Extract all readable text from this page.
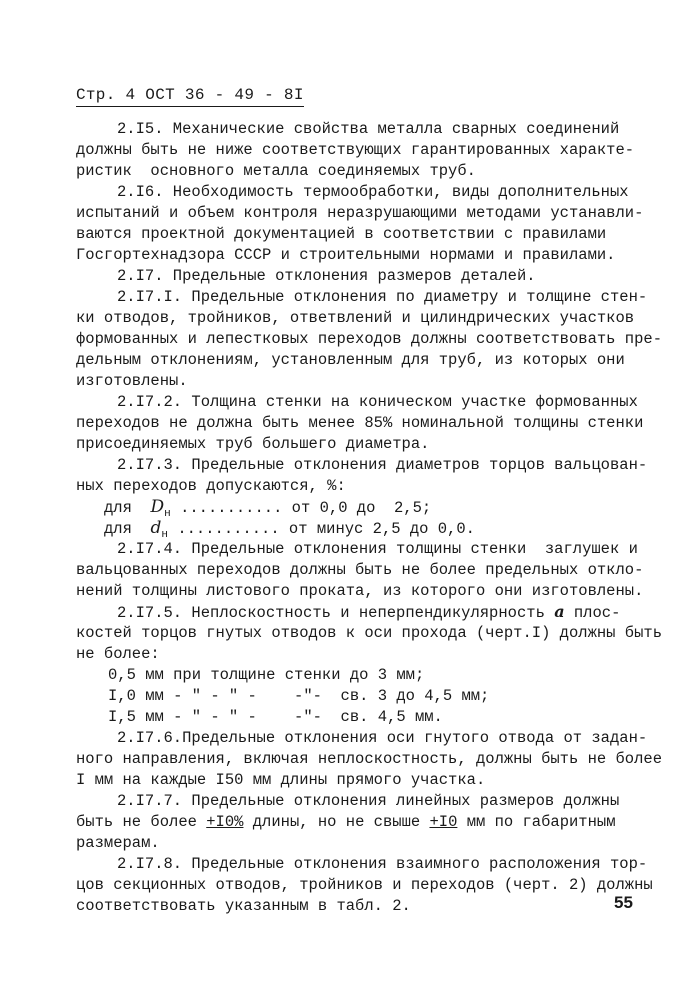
Стр. 4 ОСТ 36 - 49 - 8I
2.I5. Механические свойства металла сварных соединений
должны быть не ниже соответствующих гарантированных характе-
ристик  основного металла соединяемых труб.
2.I6. Необходимость термообработки, виды дополнительных
испытаний и объем контроля неразрушающими методами устанавли-
ваются проектной документацией в соответствии с правилами
Госгортехнадзора СССР и строительными нормами и правилами.
2.I7. Предельные отклонения размеров деталей.
2.I7.I. Предельные отклонения по диаметру и толщине стен-
ки отводов, тройников, ответвлений и цилиндрических участков
формованных и лепестковых переходов должны соответствовать пре-
дельным отклонениям, установленным для труб, из которых они
изготовлены.
2.I7.2. Толщина стенки на коническом участке формованных
переходов не должна быть менее 85% номинальной толщины стенки
присоединяемых труб большего диаметра.
2.I7.3. Предельные отклонения диаметров торцов вальцован-
ных переходов допускаются, %:
для $D_н$ ........... от 0,0 до  2,5;
для $d_н$ ........... от минус 2,5 до 0,0.
2.I7.4. Предельные отклонения толщины стенки  заглушек и
вальцованных переходов должны быть не более предельных откло-
нений толщины листового проката, из которого они изготовлены.
2.I7.5. Неплоскостность и неперпендикулярность а плос-
костей торцов гнутых отводов к оси прохода (черт.I) должны быть
не более:
0,5 мм при толщине стенки до 3 мм;
I,0 мм - " - " -    -"-  св. 3 до 4,5 мм;
I,5 мм - " - " -    -"-  св. 4,5 мм.
2.I7.6.Предельные отклонения оси гнутого отвода от задан-
ного направления, включая неплоскостность, должны быть не более
I мм на каждые I50 мм длины прямого участка.
2.I7.7. Предельные отклонения линейных размеров должны
быть не более +I0% длины, но не свыше +I0 мм по габаритным
размерам.
2.I7.8. Предельные отклонения взаимного расположения тор-
цов секционных отводов, тройников и переходов (черт. 2) должны
соответствовать указанным в табл. 2.	55
